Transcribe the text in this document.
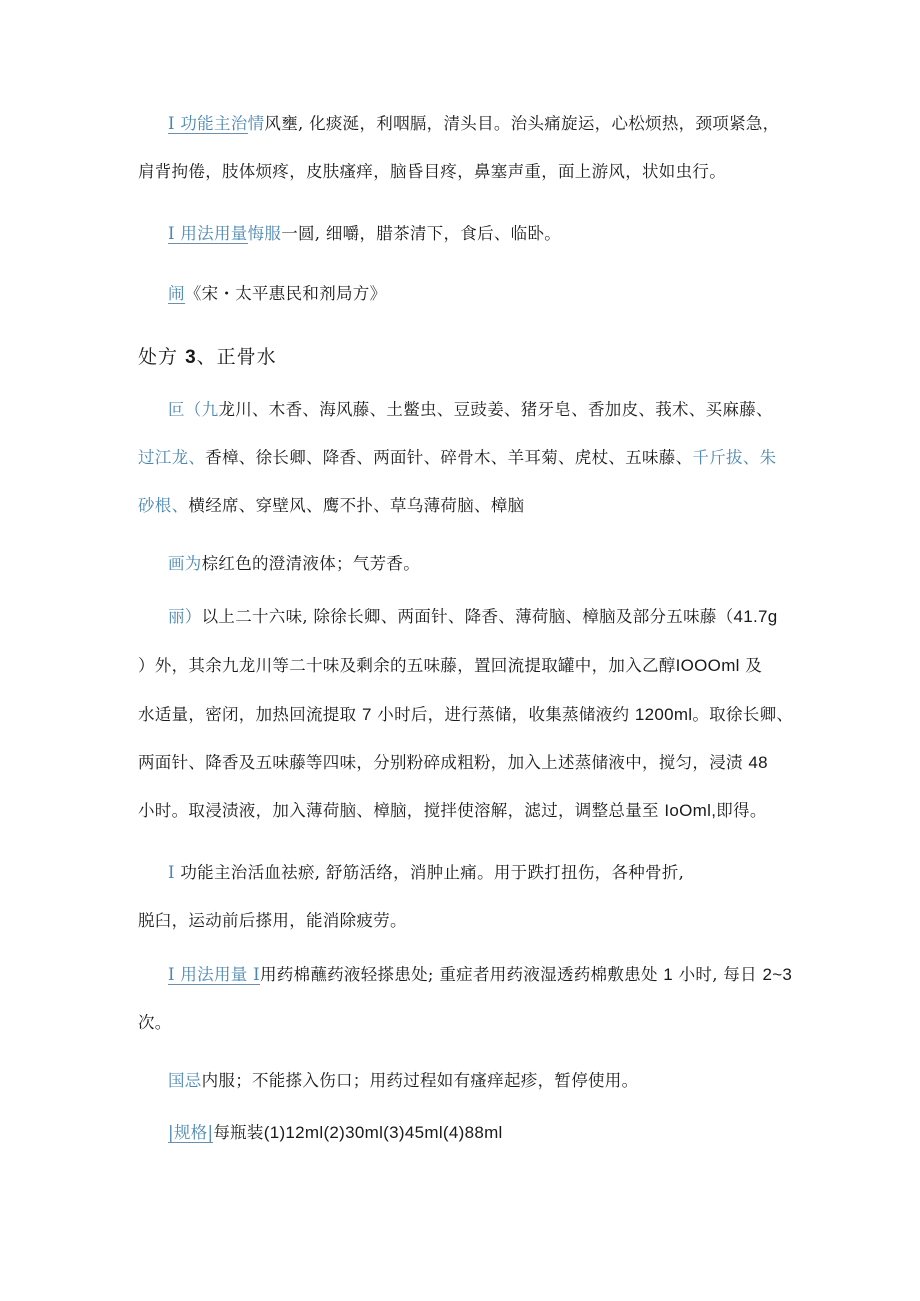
I 功能主治情风壅, 化痰涎，利咽膈，清头目。治头痛旋运，心松烦热，颈项紧急，
肩背拘倦，肢体烦疼，皮肤瘙痒，脑昏目疼，鼻塞声重，面上游风，状如虫行。
I 用法用量悔服一圆, 细嚼，腊茶清下，食后、临卧。
闹《宋・太平惠民和剂局方》
处方 3、正骨水
叵（九龙川、木香、海风藤、土鳖虫、豆豉姜、猪牙皂、香加皮、莪术、买麻藤、
过江龙、香樟、徐长卿、降香、两面针、碎骨木、羊耳菊、虎杖、五味藤、千斤拔、朱
砂根、横经席、穿壁风、鹰不扑、草乌薄荷脑、樟脑
画为棕红色的澄清液体；气芳香。
丽）以上二十六味, 除徐长卿、两面针、降香、薄荷脑、樟脑及部分五味藤（41.7g
）外，其余九龙川等二十味及剩余的五味藤，置回流提取罐中，加入乙醇IOOOml 及
水适量，密闭，加热回流提取 7 小时后，进行蒸储，收集蒸储液约 1200ml。取徐长卿、
两面针、降香及五味藤等四味，分别粉碎成粗粉，加入上述蒸储液中，搅匀，浸渍 48
小时。取浸渍液，加入薄荷脑、樟脑，搅拌使溶解，滤过，调整总量至 IoOml,即得。
I 功能主治活血祛瘀, 舒筋活络，消肿止痛。用于跌打扭伤，各种骨折,
脱臼，运动前后搽用，能消除疲劳。
I 用法用量 I用药棉蘸药液轻搽患处; 重症者用药液湿透药棉敷患处 1 小时, 每日 2~3
次。
国忌内服；不能搽入伤口；用药过程如有瘙痒起疹，暂停使用。
|规格|每瓶装(1)12ml(2)30ml(3)45ml(4)88ml
